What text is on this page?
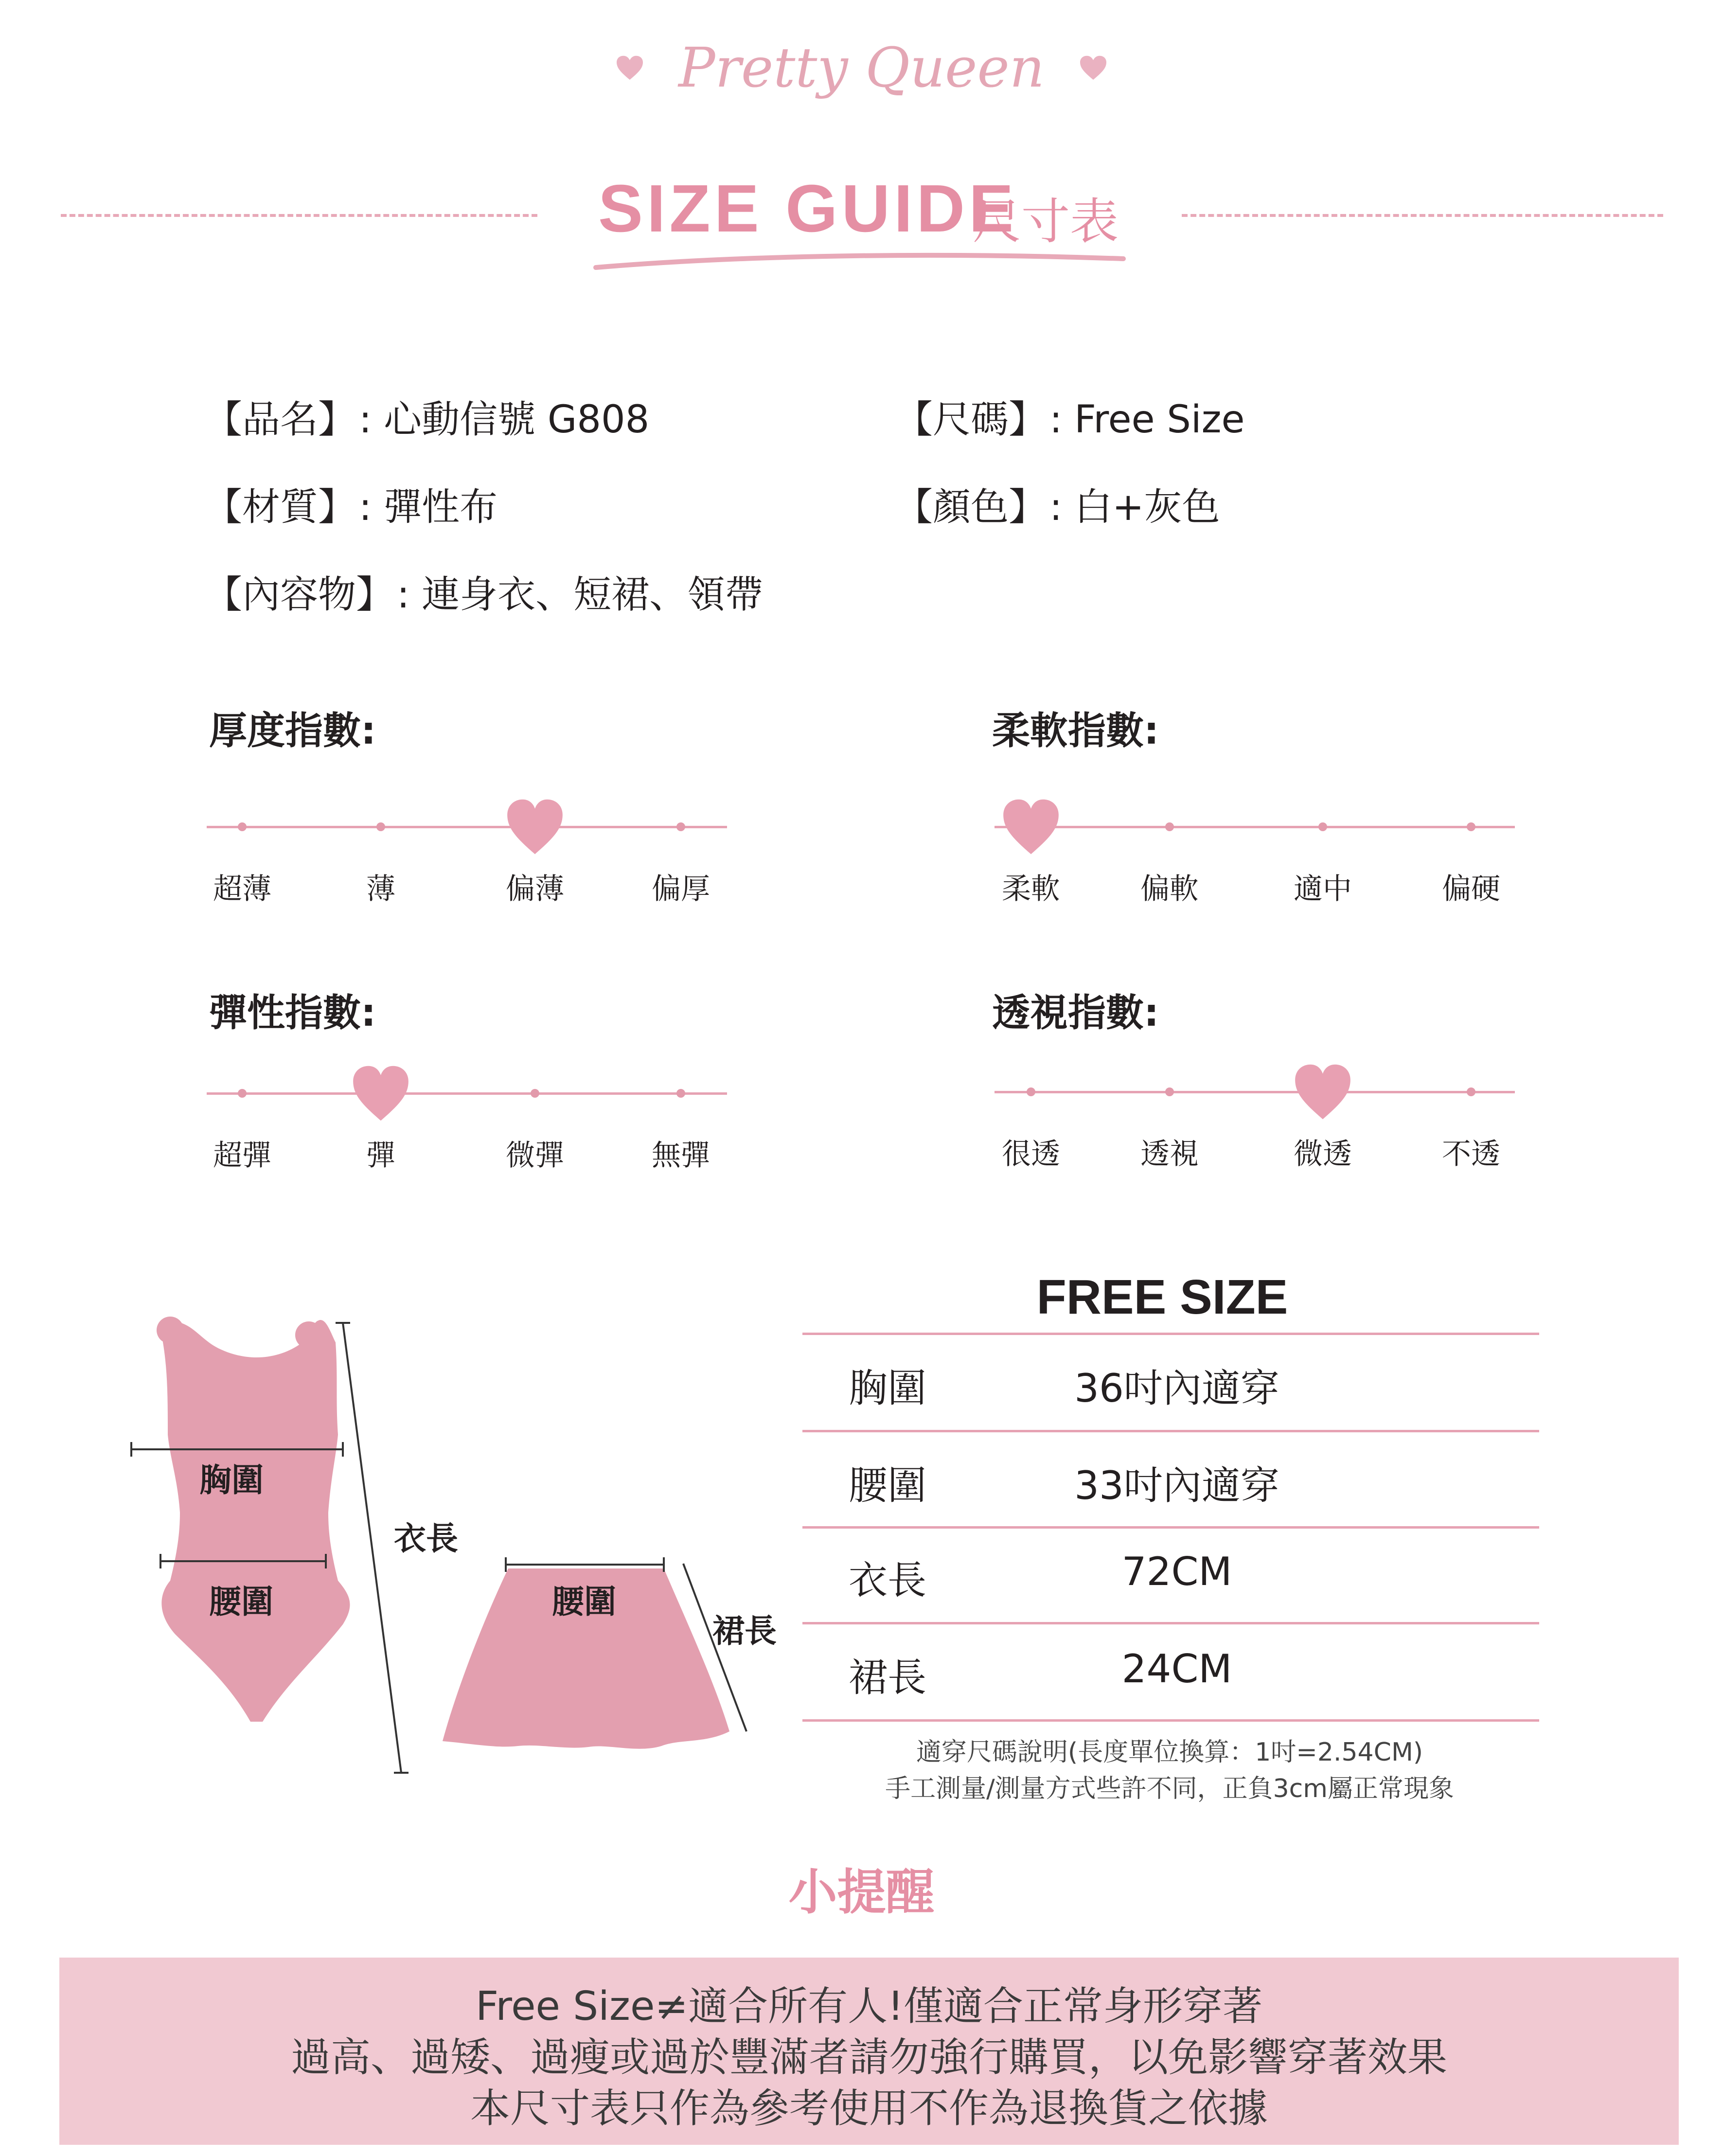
Pretty Queen
SIZE GUIDE
尺寸表
【品名】: 心動信號 G808	【尺碼】: Free Size
【材質】: 彈性布	【顏色】: 白+灰色
【內容物】: 連身衣、短裙、領帶
厚度指數:	柔軟指數:
彈性指數:	透視指數:
超薄	薄	偏薄	偏厚	柔軟	偏軟	適中	偏硬
超彈	彈	微彈	無彈	很透	透視	微透	不透
胸圍
腰圍
衣長
腰圍
裙長
FREE SIZE
胸圍	36吋內適穿
腰圍	33吋內適穿
衣長	72CM
裙長	24CM
適穿尺碼說明(長度單位換算：1吋=2.54CM)
手工測量/測量方式些許不同，正負3cm屬正常現象
小提醒
Free Size≠適合所有人!僅適合正常身形穿著
過高、過矮、過瘦或過於豐滿者請勿強行購買，以免影響穿著效果
本尺寸表只作為參考使用不作為退換貨之依據
